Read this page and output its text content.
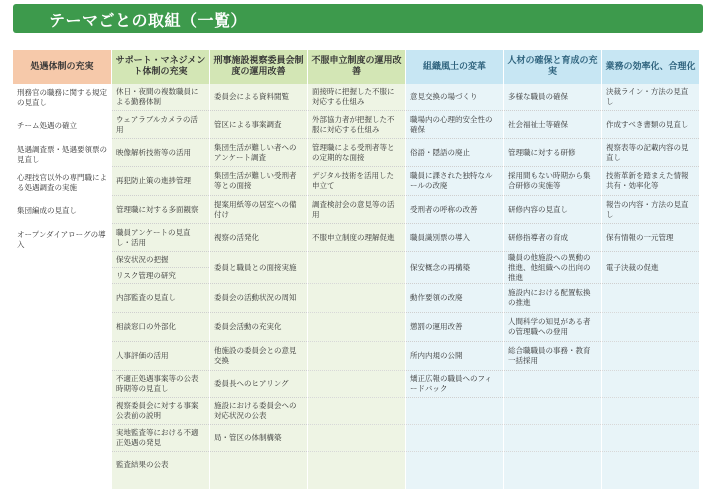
テーマごとの取組（一覧）
処遇体制の充実
刑務官の職務に関する規定の見直し
チーム処遇の確立
処遇調査票・処遇要領票の見直し
心理技官以外の専門職による処遇調査の実施
集団編成の見直し
オープンダイアローグの導入
サポート・マネジメント体制の充実
休日・夜間の複数職員による勤務体制
ウェアラブルカメラの活用
映像解析技術等の活用
再犯防止策の進捗管理
管理職に対する多面観察
職員アンケートの見直し・活用
保安状況の把握
リスク管理の研究
内部監査の見直し
相談窓口の外部化
人事評価の活用
不適正処遇事案等の公表時期等の見直し
視察委員会に対する事案公表前の説明
実地監査等における不適正処遇の発見
監査結果の公表
刑事施設視察委員会制度の運用改善
委員会による資料閲覧
管区による事案調査
集団生活が難しい者へのアンケート調査
集団生活が難しい受刑者等との面接
提案用紙等の居室への備付け
視察の活発化
委員と職員との面接実施
委員会の活動状況の周知
委員会活動の充実化
他施設の委員会との意見交換
委員長へのヒアリング
施設における委員会への対応状況の公表
局・管区の体制構築
不服申立制度の運用改善
面接時に把握した不服に対応する仕組み
外部協力者が把握した不服に対応する仕組み
管理職による受刑者等との定期的な面接
デジタル技術を活用した申立て
調査検討会の意見等の活用
不服申立制度の理解促進
組織風土の変革
意見交換の場づくり
職場内の心理的安全性の確保
俗語・隠語の廃止
職員に課された独特なルールの改廃
受刑者の呼称の改善
職員識別票の導入
保安概念の再構築
動作要領の改廃
懲罰の運用改善
所内内規の公開
矯正広報の職員へのフィードバック
人材の確保と育成の充実
多様な職員の確保
社会福祉士等確保
管理職に対する研修
採用間もない時期から集合研修の実施等
研修内容の見直し
研修指導者の育成
職員の他施設への異動の推進、他組織への出向の推進
施設内における配置転換の推進
人間科学の知見がある者の管理職への登用
総合職職員の事務・教育一括採用
業務の効率化、合理化
決裁ライン・方法の見直し
作成すべき書類の見直し
視察表等の記載内容の見直し
技術革新を踏まえた情報共有・効率化等
報告の内容・方法の見直し
保有情報の一元管理
電子決裁の促進
